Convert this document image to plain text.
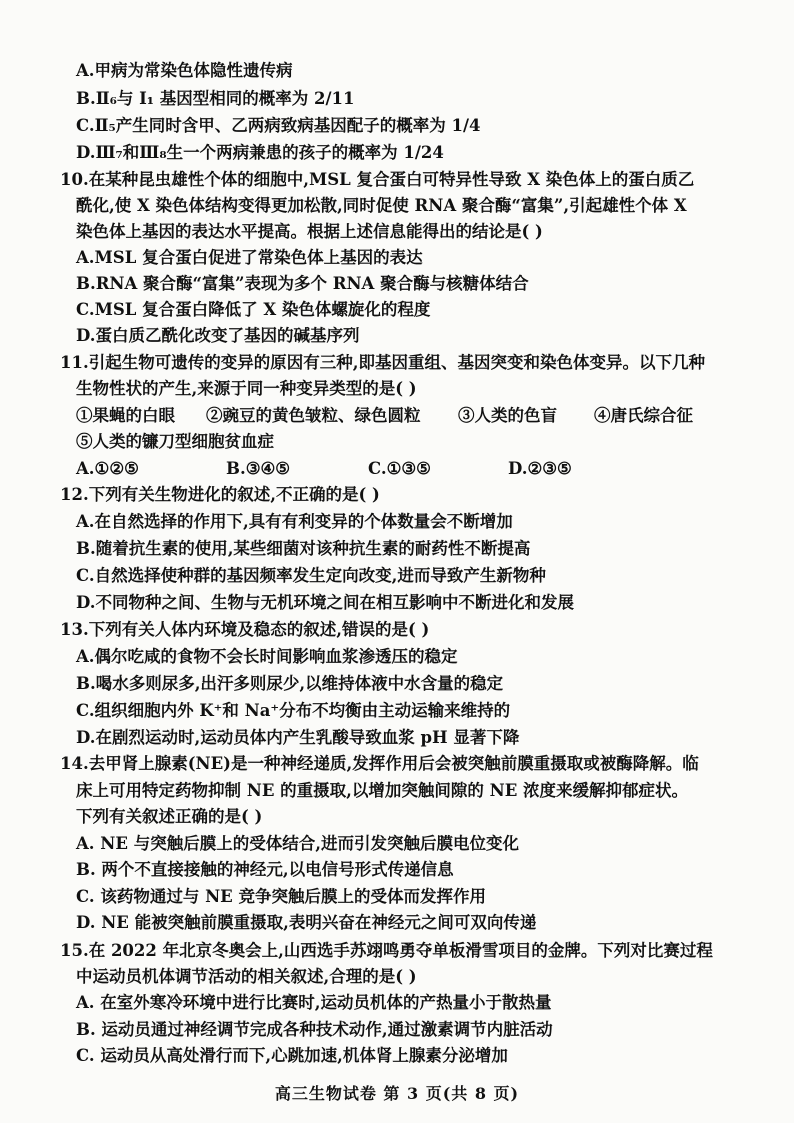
A.甲病为常染色体隐性遗传病
B.Ⅱ₆与 I₁ 基因型相同的概率为 2/11
C.Ⅱ₅产生同时含甲、乙两病致病基因配子的概率为 1/4
D.Ⅲ₇和Ⅲ₈生一个两病兼患的孩子的概率为 1/24
10.在某种昆虫雄性个体的细胞中,MSL 复合蛋白可特异性导致 X 染色体上的蛋白质乙
酰化,使 X 染色体结构变得更加松散,同时促使 RNA 聚合酶“富集”,引起雄性个体 X
染色体上基因的表达水平提高。根据上述信息能得出的结论是( )
A.MSL 复合蛋白促进了常染色体上基因的表达
B.RNA 聚合酶“富集”表现为多个 RNA 聚合酶与核糖体结合
C.MSL 复合蛋白降低了 X 染色体螺旋化的程度
D.蛋白质乙酰化改变了基因的碱基序列
11.引起生物可遗传的变异的原因有三种,即基因重组、基因突变和染色体变异。以下几种
生物性状的产生,来源于同一种变异类型的是( )
①果蝇的白眼 ②豌豆的黄色皱粒、绿色圆粒 ③人类的色盲 ④唐氏综合征
⑤人类的镰刀型细胞贫血症
A.①②⑤	B.③④⑤	C.①③⑤	D.②③⑤
12.下列有关生物进化的叙述,不正确的是( )
A.在自然选择的作用下,具有有利变异的个体数量会不断增加
B.随着抗生素的使用,某些细菌对该种抗生素的耐药性不断提高
C.自然选择使种群的基因频率发生定向改变,进而导致产生新物种
D.不同物种之间、生物与无机环境之间在相互影响中不断进化和发展
13.下列有关人体内环境及稳态的叙述,错误的是( )
A.偶尔吃咸的食物不会长时间影响血浆渗透压的稳定
B.喝水多则尿多,出汗多则尿少,以维持体液中水含量的稳定
C.组织细胞内外 K⁺和 Na⁺分布不均衡由主动运输来维持的
D.在剧烈运动时,运动员体内产生乳酸导致血浆 pH 显著下降
14.去甲肾上腺素(NE)是一种神经递质,发挥作用后会被突触前膜重摄取或被酶降解。临
床上可用特定药物抑制 NE 的重摄取,以增加突触间隙的 NE 浓度来缓解抑郁症状。
下列有关叙述正确的是( )
A. NE 与突触后膜上的受体结合,进而引发突触后膜电位变化
B. 两个不直接接触的神经元,以电信号形式传递信息
C. 该药物通过与 NE 竞争突触后膜上的受体而发挥作用
D. NE 能被突触前膜重摄取,表明兴奋在神经元之间可双向传递
15.在 2022 年北京冬奥会上,山西选手苏翊鸣勇夺单板滑雪项目的金牌。下列对比赛过程
中运动员机体调节活动的相关叙述,合理的是( )
A. 在室外寒冷环境中进行比赛时,运动员机体的产热量小于散热量
B. 运动员通过神经调节完成各种技术动作,通过激素调节内脏活动
C. 运动员从高处滑行而下,心跳加速,机体肾上腺素分泌增加
高三生物试卷 第 3 页(共 8 页)
